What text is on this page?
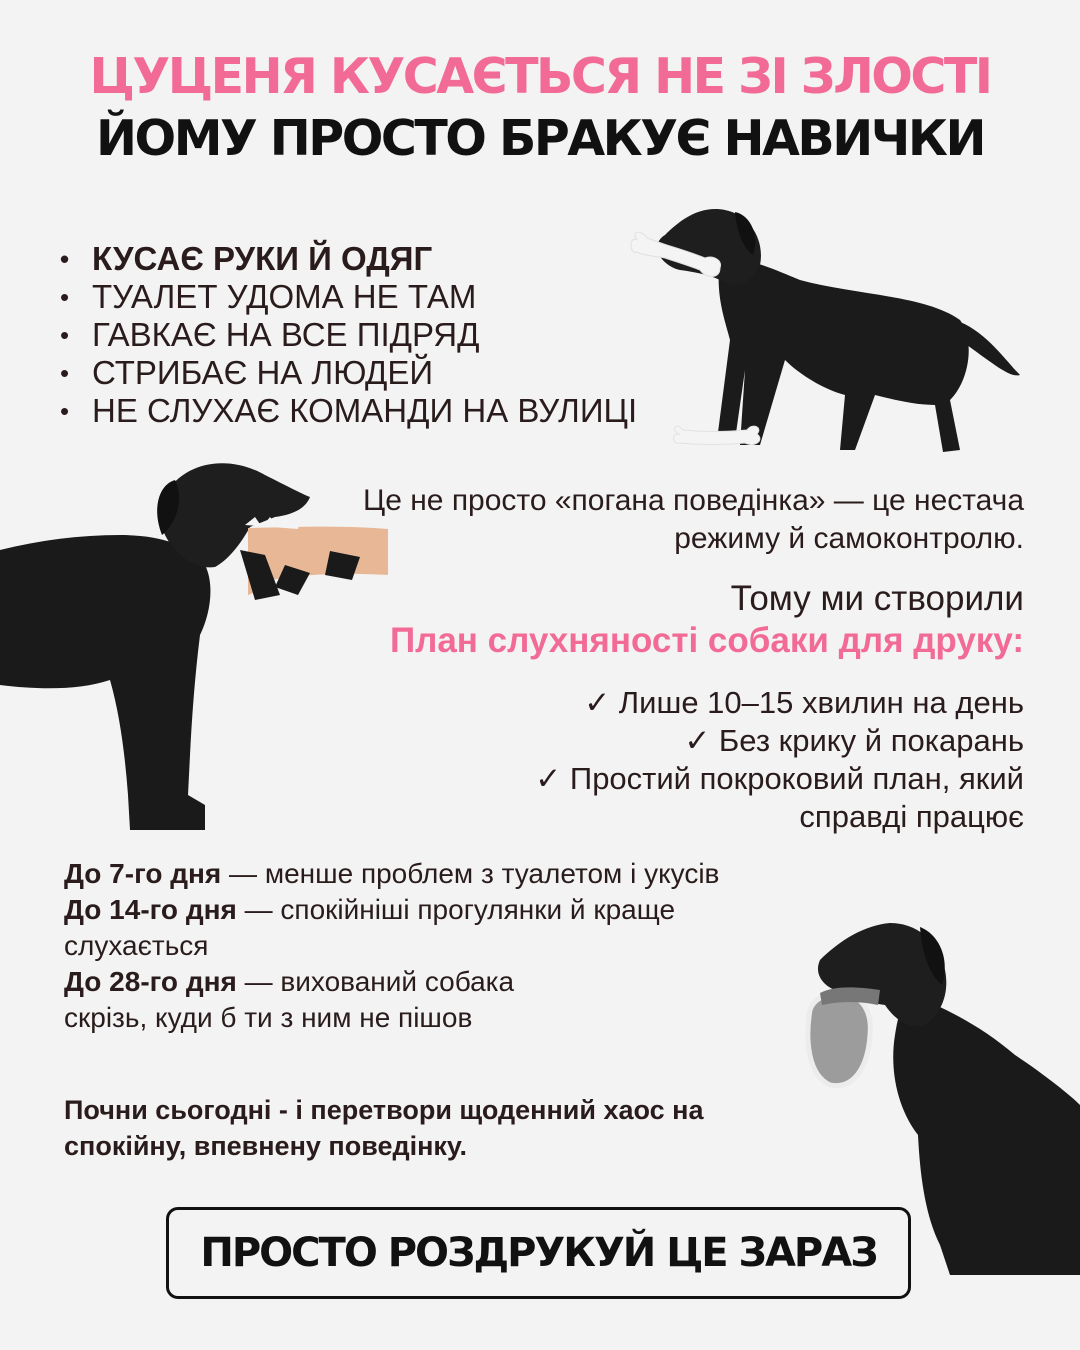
ЦУЦЕНЯ КУСАЄТЬСЯ НЕ ЗІ ЗЛОСТІ
ЙОМУ ПРОСТО БРАКУЄ НАВИЧКИ
• КУСАЄ РУКИ Й ОДЯГ
• ТУАЛЕТ УДОМА НЕ ТАМ
• ГАВКАЄ НА ВСЕ ПІДРЯД
• СТРИБАЄ НА ЛЮДЕЙ
• НЕ СЛУХАЄ КОМАНДИ НА ВУЛИЦІ
Це не просто «погана поведінка» — це нестача режиму й самоконтролю.
Тому ми створили
План слухняності собаки для друку:
✓ Лише 10–15 хвилин на день
✓ Без крику й покарань
✓ Простий покроковий план, який справді працює
До 7-го дня — менше проблем з туалетом і укусів
До 14-го дня — спокійніші прогулянки й краще слухається
До 28-го дня — вихований собака скрізь, куди б ти з ним не пішов
Почни сьогодні - і перетвори щоденний хаос на спокійну, впевнену поведінку.
ПРОСТО РОЗДРУКУЙ ЦЕ ЗАРАЗ
